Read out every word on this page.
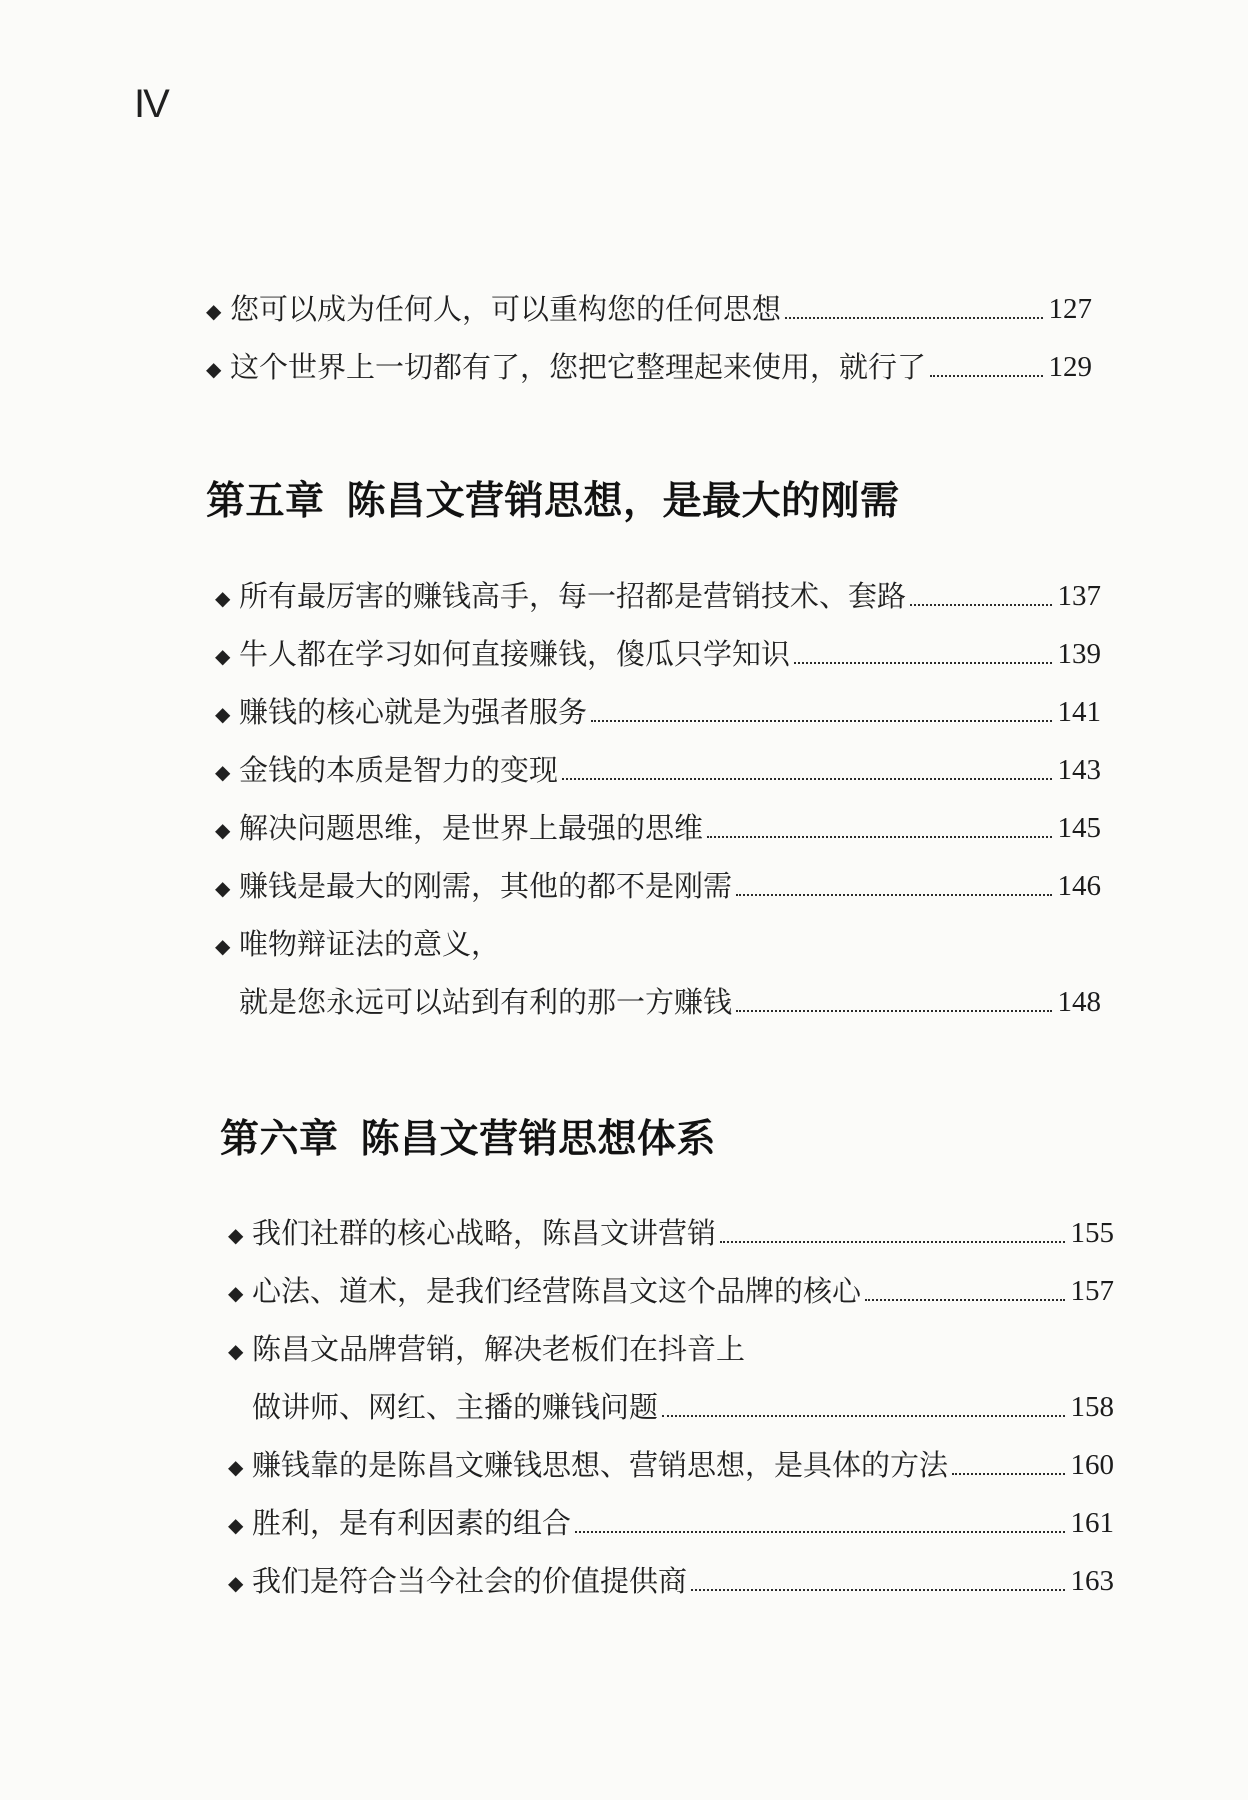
IV
◆ 您可以成为任何人，可以重构您的任何思想	127
◆ 这个世界上一切都有了，您把它整理起来使用，就行了	129
第五章 陈昌文营销思想，是最大的刚需
◆ 所有最厉害的赚钱高手，每一招都是营销技术、套路	137
◆ 牛人都在学习如何直接赚钱，傻瓜只学知识	139
◆ 赚钱的核心就是为强者服务	141
◆ 金钱的本质是智力的变现	143
◆ 解决问题思维，是世界上最强的思维	145
◆ 赚钱是最大的刚需，其他的都不是刚需	146
◆ 唯物辩证法的意义，
就是您永远可以站到有利的那一方赚钱	148
第六章 陈昌文营销思想体系
◆ 我们社群的核心战略，陈昌文讲营销	155
◆ 心法、道术，是我们经营陈昌文这个品牌的核心	157
◆ 陈昌文品牌营销，解决老板们在抖音上
做讲师、网红、主播的赚钱问题	158
◆ 赚钱靠的是陈昌文赚钱思想、营销思想，是具体的方法	160
◆ 胜利，是有利因素的组合	161
◆ 我们是符合当今社会的价值提供商	163
